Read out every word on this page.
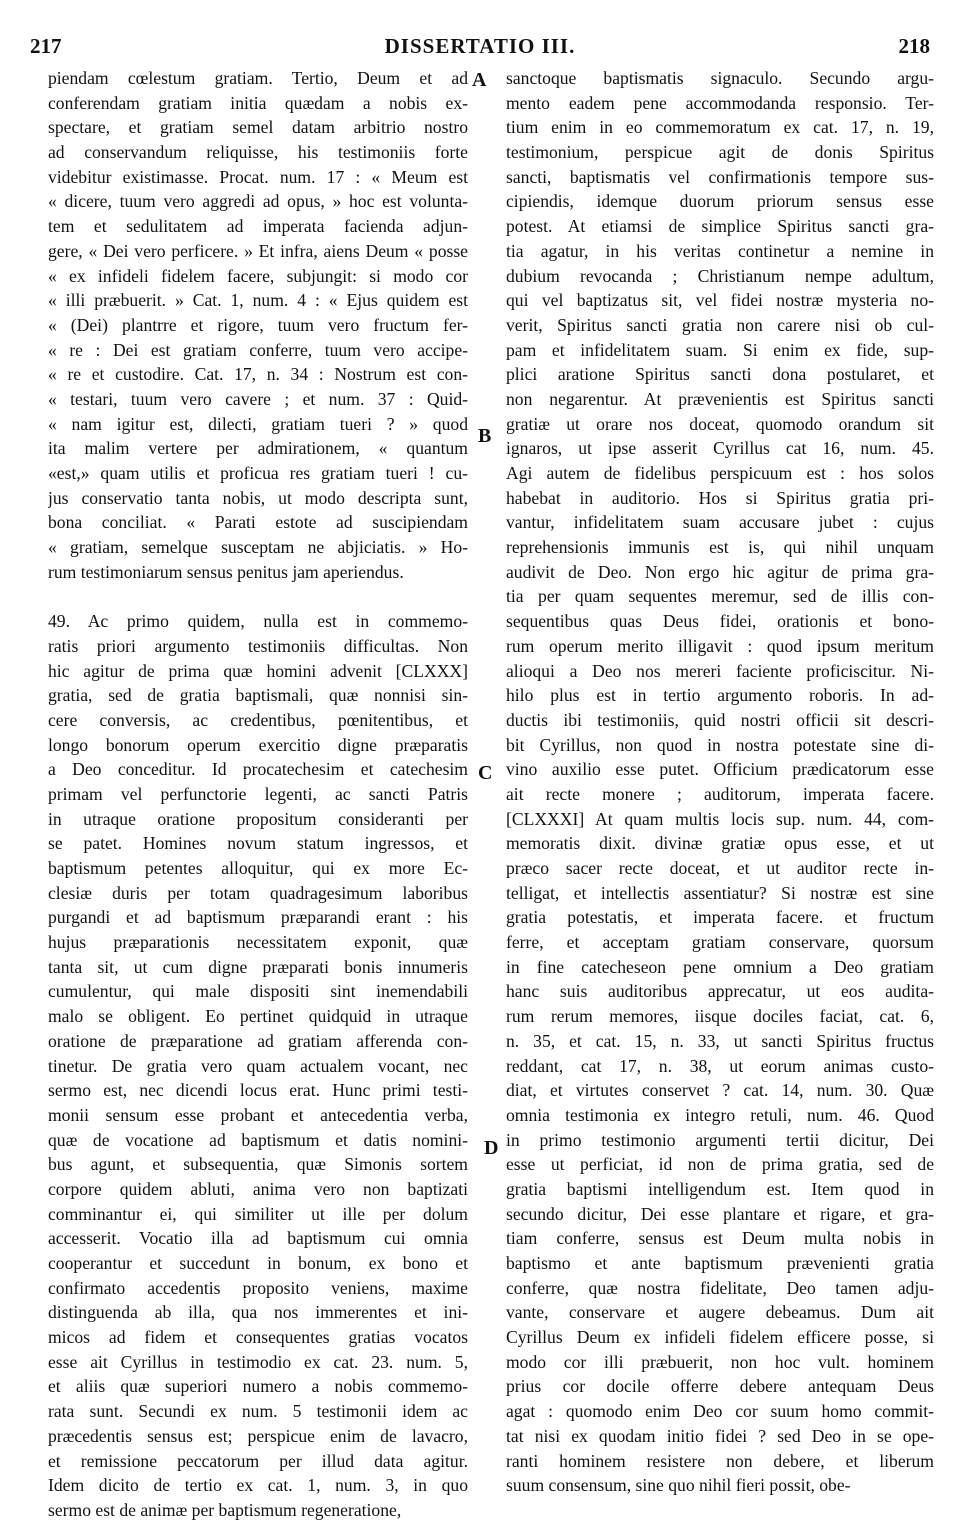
217	DISSERTATIO III.	218
piendam cœlestum gratiam. Tertio, Deum et ad
conferendam gratiam initia quædam a nobis ex-
spectare, et gratiam semel datam arbitrio nostro
ad conservandum reliquisse, his testimoniis forte
videbitur existimasse. Procat. num. 17 : « Meum est
« dicere, tuum vero aggredi ad opus, » hoc est volunta-
tem et sedulitatem ad imperata facienda adjun-
gere, « Dei vero perficere. » Et infra, aiens Deum « posse
« ex infideli fidelem facere, subjungit: si modo cor
« illi præbuerit. » Cat. 1, num. 4 : « Ejus quidem est
« (Dei) plantrre et rigore, tuum vero fructum fer-
« re : Dei est gratiam conferre, tuum vero accipe-
« re et custodire. Cat. 17, n. 34 : Nostrum est con-
« testari, tuum vero cavere ; et num. 37 : Quid-
« nam igitur est, dilecti, gratiam tueri ? » quod
ita malim vertere per admirationem, « quantum
«est,» quam utilis et proficua res gratiam tueri ! cu-
jus conservatio tanta nobis, ut modo descripta sunt,
bona conciliat. « Parati estote ad suscipiendam
« gratiam, semelque susceptam ne abjiciatis. » Ho-
rum testimoniarum sensus penitus jam aperiendus.
49. Ac primo quidem, nulla est in commemo-
ratis priori argumento testimoniis difficultas. Non
hic agitur de prima quæ homini advenit [CLXXX]
gratia, sed de gratia baptismali, quæ nonnisi sin-
cere conversis, ac credentibus, pœnitentibus, et
longo bonorum operum exercitio digne præparatis
a Deo conceditur. Id procatechesim et catechesim
primam vel perfunctorie legenti, ac sancti Patris
in utraque oratione propositum consideranti per
se patet. Homines novum statum ingressos, et
baptismum petentes alloquitur, qui ex more Ec-
clesiæ duris per totam quadragesimum laboribus
purgandi et ad baptismum præparandi erant : his
hujus præparationis necessitatem exponit, quæ
tanta sit, ut cum digne præparati bonis innumeris
cumulentur, qui male dispositi sint inemendabili
malo se obligent. Eo pertinet quidquid in utraque
oratione de præparatione ad gratiam afferenda con-
tinetur. De gratia vero quam actualem vocant, nec
sermo est, nec dicendi locus erat. Hunc primi testi-
monii sensum esse probant et antecedentia verba,
quæ de vocatione ad baptismum et datis nomini-
bus agunt, et subsequentia, quæ Simonis sortem
corpore quidem abluti, anima vero non baptizati
comminantur ei, qui similiter ut ille per dolum
accesserit. Vocatio illa ad baptismum cui omnia
cooperantur et succedunt in bonum, ex bono et
confirmato accedentis proposito veniens, maxime
distinguenda ab illa, qua nos immerentes et ini-
micos ad fidem et consequentes gratias vocatos
esse ait Cyrillus in testimodio ex cat. 23. num. 5,
et aliis quæ superiori numero a nobis commemo-
rata sunt. Secundi ex num. 5 testimonii idem ac
præcedentis sensus est; perspicue enim de lavacro,
et remissione peccatorum per illud data agitur.
Idem dicito de tertio ex cat. 1, num. 3, in quo
sermo est de animæ per baptismum regeneratione,
sanctoque baptismatis signaculo. Secundo argu-
mento eadem pene accommodanda responsio. Ter-
tium enim in eo commemoratum ex cat. 17, n. 19,
testimonium, perspicue agit de donis Spiritus
sancti, baptismatis vel confirmationis tempore sus-
cipiendis, idemque duorum priorum sensus esse
potest. At etiamsi de simplice Spiritus sancti gra-
tia agatur, in his veritas continetur a nemine in
dubium revocanda ; Christianum nempe adultum,
qui vel baptizatus sit, vel fidei nostræ mysteria no-
verit, Spiritus sancti gratia non carere nisi ob cul-
pam et infidelitatem suam. Si enim ex fide, sup-
plici aratione Spiritus sancti dona postularet, et
non negarentur. At prævenientis est Spiritus sancti
gratiæ ut orare nos doceat, quomodo orandum sit
ignaros, ut ipse asserit Cyrillus cat 16, num. 45.
Agi autem de fidelibus perspicuum est : hos solos
habebat in auditorio. Hos si Spiritus gratia pri-
vantur, infidelitatem suam accusare jubet : cujus
reprehensionis immunis est is, qui nihil unquam
audivit de Deo. Non ergo hic agitur de prima gra-
tia per quam sequentes meremur, sed de illis con-
sequentibus quas Deus fidei, orationis et bono-
rum operum merito illigavit : quod ipsum meritum
alioqui a Deo nos mereri faciente proficiscitur. Ni-
hilo plus est in tertio argumento roboris. In ad-
ductis ibi testimoniis, quid nostri officii sit descri-
bit Cyrillus, non quod in nostra potestate sine di-
vino auxilio esse putet. Officium prædicatorum esse
ait recte monere ; auditorum, imperata facere.
[CLXXXI] At quam multis locis sup. num. 44, com-
memoratis dixit. divinæ gratiæ opus esse, et ut
præco sacer recte doceat, et ut auditor recte in-
telligat, et intellectis assentiatur? Si nostræ est sine
gratia potestatis, et imperata facere. et fructum
ferre, et acceptam gratiam conservare, quorsum
in fine catecheseon pene omnium a Deo gratiam
hanc suis auditoribus apprecatur, ut eos audita-
rum rerum memores, iisque dociles faciat, cat. 6,
n. 35, et cat. 15, n. 33, ut sancti Spiritus fructus
reddant, cat 17, n. 38, ut eorum animas custo-
diat, et virtutes conservet ? cat. 14, num. 30. Quæ
omnia testimonia ex integro retuli, num. 46. Quod
in primo testimonio argumenti tertii dicitur, Dei
esse ut perficiat, id non de prima gratia, sed de
gratia baptismi intelligendum est. Item quod in
secundo dicitur, Dei esse plantare et rigare, et gra-
tiam conferre, sensus est Deum multa nobis in
baptismo et ante baptismum prævenienti gratia
conferre, quæ nostra fidelitate, Deo tamen adju-
vante, conservare et augere debeamus. Dum ait
Cyrillus Deum ex infideli fidelem efficere posse, si
modo cor illi præbuerit, non hoc vult. hominem
prius cor docile offerre debere antequam Deus
agat : quomodo enim Deo cor suum homo commit-
tat nisi ex quodam initio fidei ? sed Deo in se ope-
ranti hominem resistere non debere, et liberum
suum consensum, sine quo nihil fieri possit, obe-
A
B
C
D
